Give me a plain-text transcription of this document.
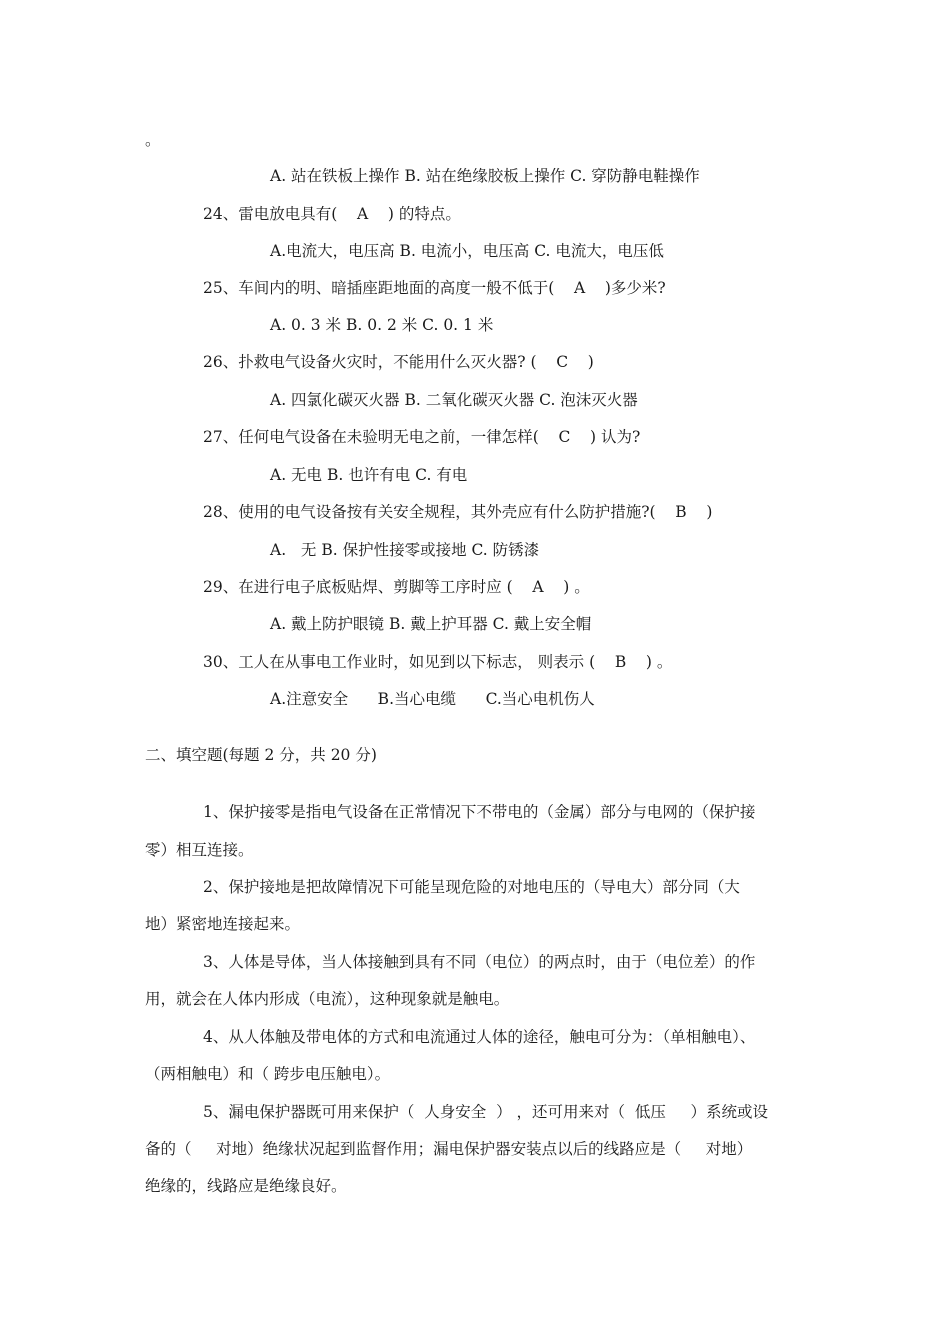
。
A. 站在铁板上操作 B. 站在绝缘胶板上操作 C. 穿防静电鞋操作
24、雷电放电具有(    A    ) 的特点。
A.电流大，电压高 B. 电流小，电压高 C. 电流大，电压低
25、车间内的明、暗插座距地面的高度一般不低于(    A    )多少米?
A. 0. 3 米 B. 0. 2 米 C. 0. 1 米
26、扑救电气设备火灾时，不能用什么灭火器? (    C    )
A. 四氯化碳灭火器 B. 二氧化碳灭火器 C. 泡沫灭火器
27、任何电气设备在未验明无电之前，一律怎样(    C    ) 认为?
A. 无电 B. 也许有电 C. 有电
28、使用的电气设备按有关安全规程，其外壳应有什么防护措施?(    B    )
A.   无 B. 保护性接零或接地 C. 防锈漆
29、在进行电子底板贴焊、剪脚等工序时应 (    A    ) 。
A. 戴上防护眼镜 B. 戴上护耳器 C. 戴上安全帽
30、工人在从事电工作业时，如见到以下标志， 则表示 (    B    ) 。
A.注意安全      B.当心电缆      C.当心电机伤人
二、填空题(每题 2 分，共 20 分)
1、保护接零是指电气设备在正常情况下不带电的（金属）部分与电网的（保护接
零）相互连接。
2、保护接地是把故障情况下可能呈现危险的对地电压的（导电大）部分同（大
地）紧密地连接起来。
3、人体是导体，当人体接触到具有不同（电位）的两点时，由于（电位差）的作
用，就会在人体内形成（电流），这种现象就是触电。
4、从人体触及带电体的方式和电流通过人体的途径，触电可分为：（单相触电）、
（两相触电）和（ 跨步电压触电）。
5、漏电保护器既可用来保护（  人身安全  ） ，还可用来对（  低压     ）系统或设
备的（     对地）绝缘状况起到监督作用；漏电保护器安装点以后的线路应是（     对地）
绝缘的，线路应是绝缘良好。
